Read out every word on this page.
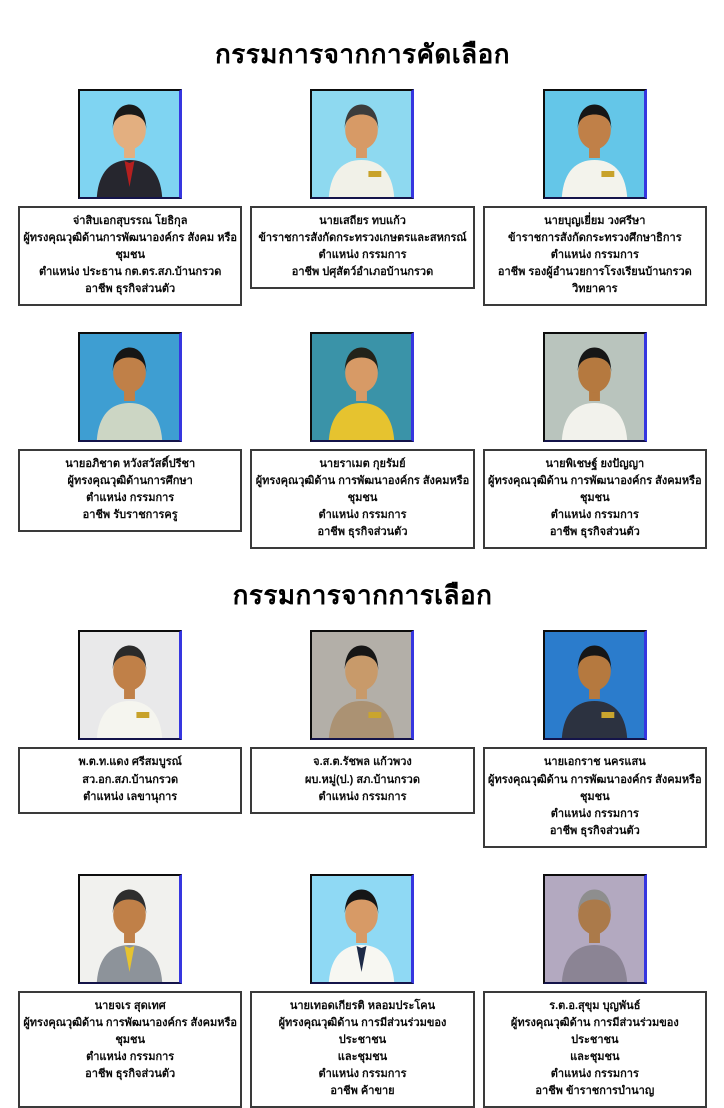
กรรมการจากการคัดเลือก
จ่าสิบเอกสุบรรณ โยธิกุล
ผู้ทรงคุณวุฒิด้านการพัฒนาองค์กร สังคม หรือชุมชน
ตำแหน่ง ประธาน กต.ตร.สภ.บ้านกรวด
อาชีพ ธุรกิจส่วนตัว
นายเสถียร ทบแก้ว
ข้าราชการสังกัดกระทรวงเกษตรและสหกรณ์
ตำแหน่ง กรรมการ
อาชีพ ปศุสัตว์อำเภอบ้านกรวด
นายบุญเยี่ยม วงศรีษา
ข้าราชการสังกัดกระทรวงศึกษาธิการ
ตำแหน่ง กรรมการ
อาชีพ รองผู้อำนวยการโรงเรียนบ้านกรวดวิทยาคาร
นายอภิชาต หวังสวัสดิ์ปรีชา
ผู้ทรงคุณวุฒิด้านการศึกษา
ตำแหน่ง กรรมการ
อาชีพ รับราชการครู
นายราเมต กุยรัมย์
ผู้ทรงคุณวุฒิด้าน การพัฒนาองค์กร สังคมหรือชุมชน
ตำแหน่ง กรรมการ
อาชีพ ธุรกิจส่วนตัว
นายพิเชษฐ์ ยงปัญญา
ผู้ทรงคุณวุฒิด้าน การพัฒนาองค์กร สังคมหรือชุมชน
ตำแหน่ง กรรมการ
อาชีพ ธุรกิจส่วนตัว
กรรมการจากการเลือก
พ.ต.ท.แดง ศรีสมบูรณ์
สว.อก.สภ.บ้านกรวด
ตำแหน่ง เลขานุการ
จ.ส.ต.รัชพล แก้วพวง
ผบ.หมู่(ป.) สภ.บ้านกรวด
ตำแหน่ง กรรมการ
นายเอกราช นครแสน
ผู้ทรงคุณวุฒิด้าน การพัฒนาองค์กร สังคมหรือชุมชน
ตำแหน่ง กรรมการ
อาชีพ ธุรกิจส่วนตัว
นายจเร สุดเทศ
ผู้ทรงคุณวุฒิด้าน การพัฒนาองค์กร สังคมหรือชุมชน
ตำแหน่ง กรรมการ
อาชีพ ธุรกิจส่วนตัว
นายเทอดเกียรติ หลอมประโคน
ผู้ทรงคุณวุฒิด้าน การมีส่วนร่วมของประชาชน
และชุมชน
ตำแหน่ง กรรมการ
อาชีพ ค้าขาย
ร.ต.อ.สุขุม บุญพันธ์
ผู้ทรงคุณวุฒิด้าน การมีส่วนร่วมของประชาชน
และชุมชน
ตำแหน่ง กรรมการ
อาชีพ ข้าราชการบำนาญ
